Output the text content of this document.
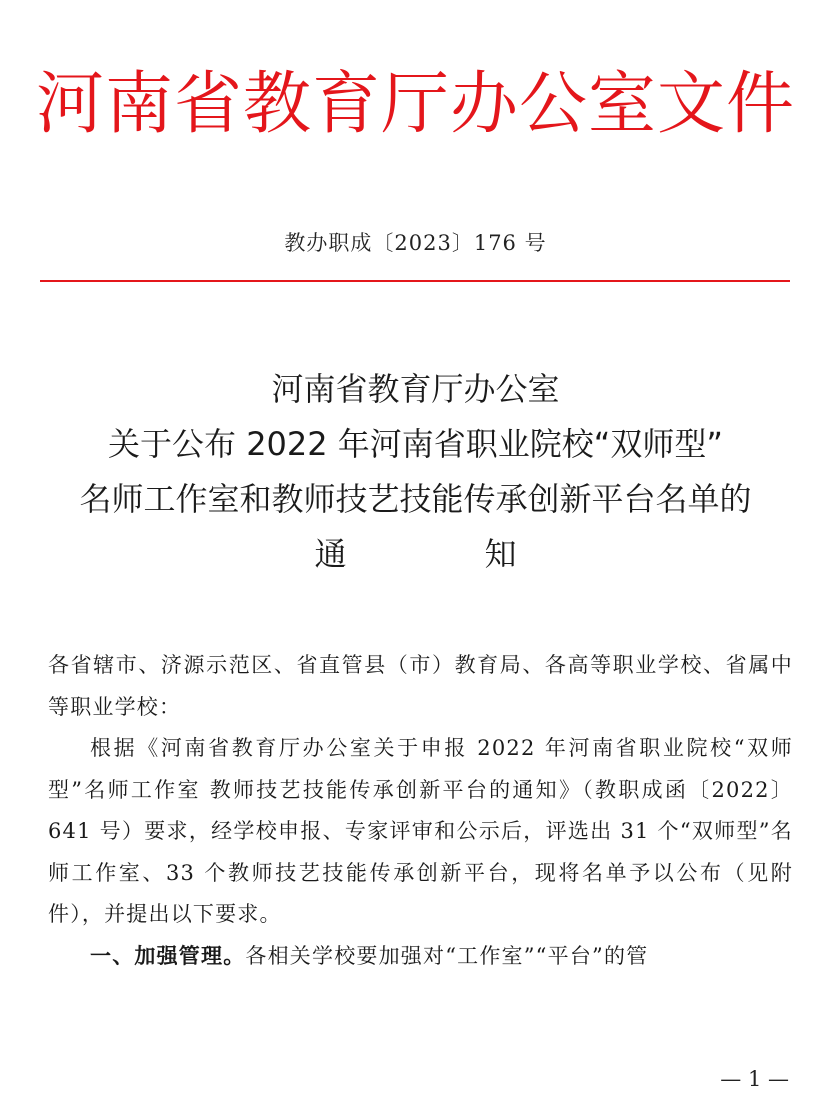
河南省教育厅办公室文件
教办职成〔2023〕176 号
河南省教育厅办公室
关于公布 2022 年河南省职业院校“双师型”
名师工作室和教师技艺技能传承创新平台名单的
通	知

各省辖市、济源示范区、省直管县（市）教育局、各高等职业学校、省属中等职业学校：

根据《河南省教育厅办公室关于申报 2022 年河南省职业院校“双师型”名师工作室 教师技艺技能传承创新平台的通知》（教职成函〔2022〕641 号）要求，经学校申报、专家评审和公示后，评选出 31 个“双师型”名师工作室、33 个教师技艺技能传承创新平台，现将名单予以公布（见附件），并提出以下要求。

一、加强管理。各相关学校要加强对“工作室”“平台”的管

— 1 —
